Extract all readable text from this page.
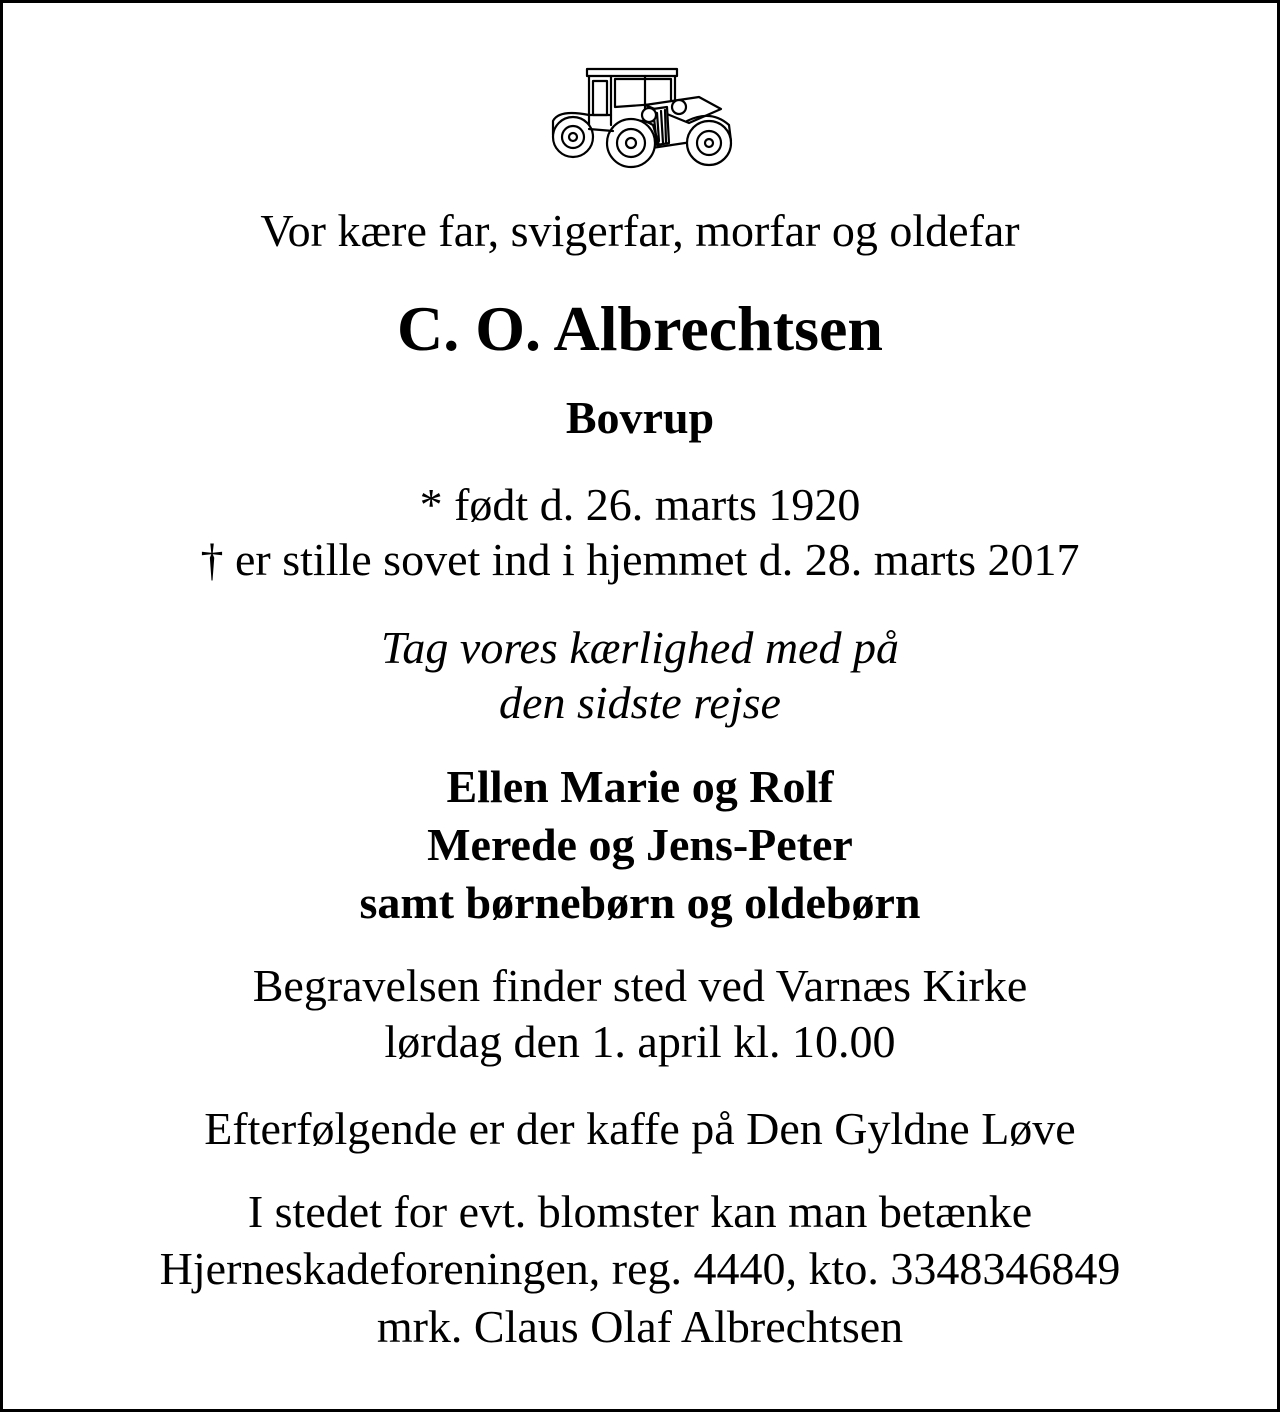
Vor kære far, svigerfar, morfar og oldefar
C. O. Albrechtsen
Bovrup
* født d. 26. marts 1920
† er stille sovet ind i hjemmet d. 28. marts 2017
Tag vores kærlighed med på
den sidste rejse
Ellen Marie og Rolf
Merede og Jens-Peter
samt børnebørn og oldebørn
Begravelsen finder sted ved Varnæs Kirke
lørdag den 1. april kl. 10.00
Efterfølgende er der kaffe på Den Gyldne Løve
I stedet for evt. blomster kan man betænke
Hjerneskadeforeningen, reg. 4440, kto. 3348346849
mrk. Claus Olaf Albrechtsen
